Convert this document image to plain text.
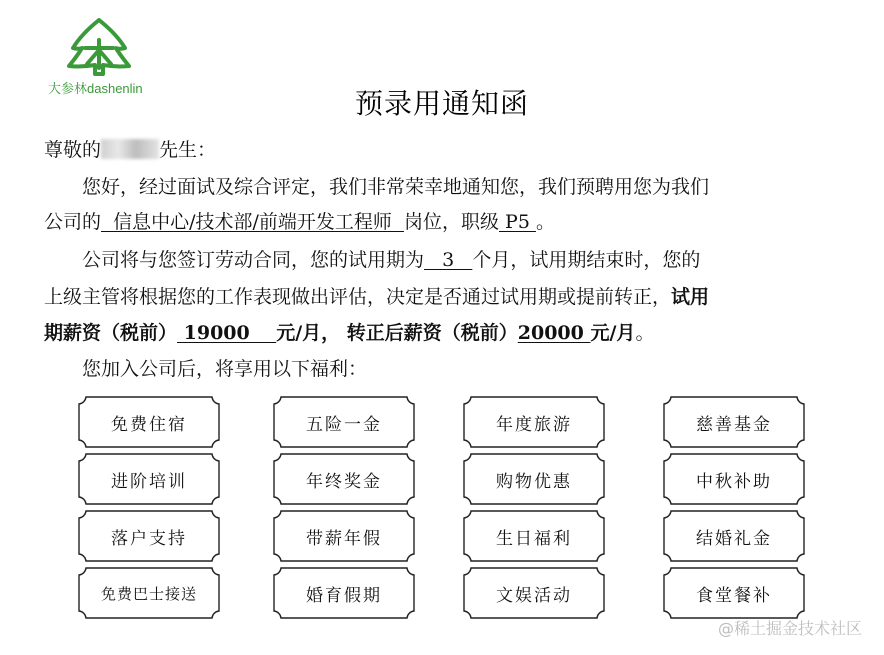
大参林dashenlin	预录用通知函
尊敬的	先生：
您好，经过面试及综合评定，我们非常荣幸地通知您，我们预聘用您为我们
公司的  信息中心/技术部/前端开发工程师  岗位，职级 P5 。
公司将与您签订劳动合同，您的试用期为   3   个月，试用期结束时，您的
上级主管将根据您的工作表现做出评估，决定是否通过试用期或提前转正，试用
期薪资（税前） 19000    元/月， 转正后薪资（税前）20000 元/月。
您加入公司后，将享用以下福利：
免费住宿
进阶培训
落户支持
免费巴士接送
五险一金
年终奖金
带薪年假
婚育假期
年度旅游
购物优惠
生日福利
文娱活动
慈善基金
中秋补助
结婚礼金
食堂餐补
@稀土掘金技术社区
